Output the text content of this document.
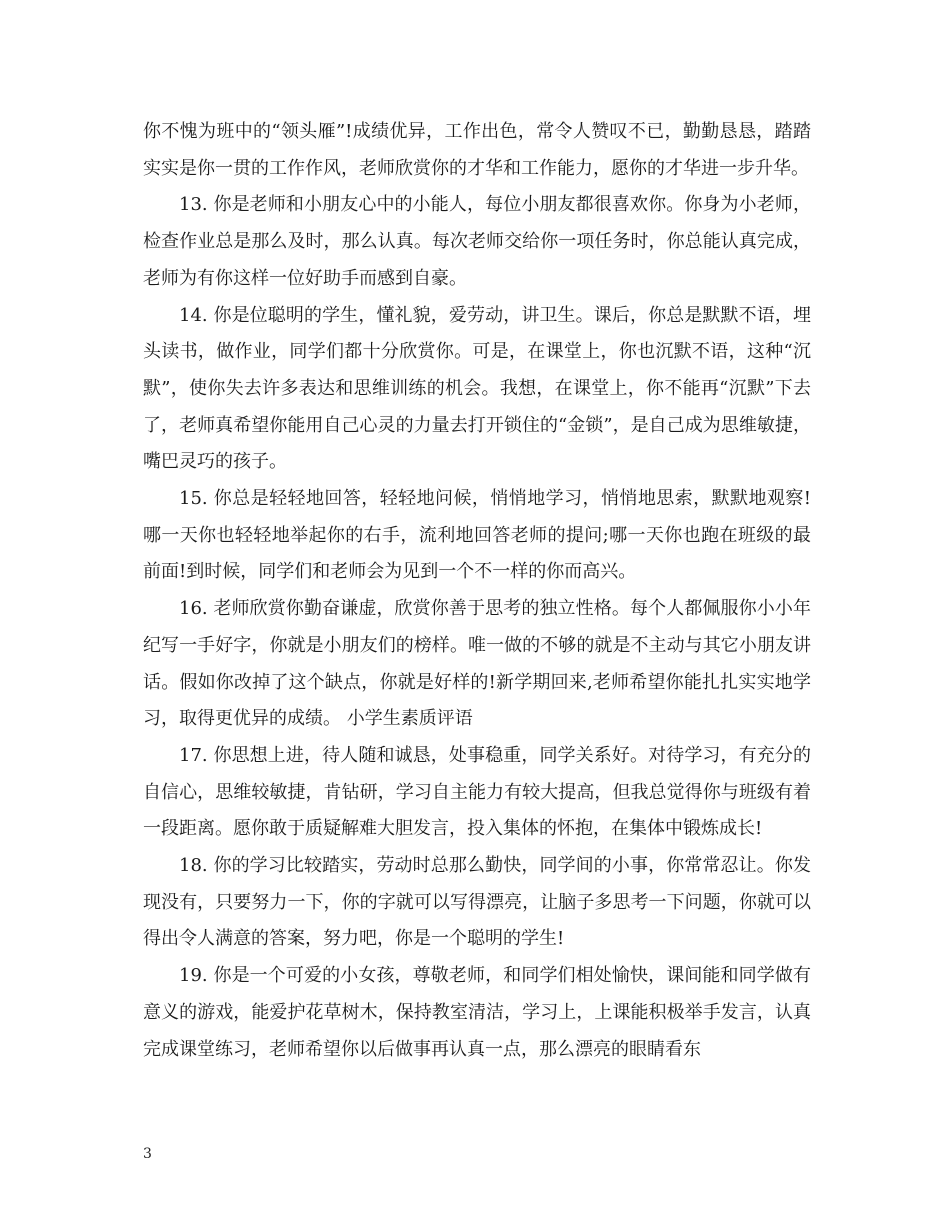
你不愧为班中的“领头雁”!成绩优异，工作出色，常令人赞叹不已，勤勤恳恳，踏踏实实是你一贯的工作作风，老师欣赏你的才华和工作能力，愿你的才华进一步升华。

13. 你是老师和小朋友心中的小能人，每位小朋友都很喜欢你。你身为小老师，检查作业总是那么及时，那么认真。每次老师交给你一项任务时，你总能认真完成，老师为有你这样一位好助手而感到自豪。

14. 你是位聪明的学生，懂礼貌，爱劳动，讲卫生。课后，你总是默默不语，埋头读书，做作业，同学们都十分欣赏你。可是，在课堂上，你也沉默不语，这种“沉默”，使你失去许多表达和思维训练的机会。我想，在课堂上，你不能再“沉默”下去了，老师真希望你能用自己心灵的力量去打开锁住的“金锁”，是自己成为思维敏捷，嘴巴灵巧的孩子。

15. 你总是轻轻地回答，轻轻地问候，悄悄地学习，悄悄地思索，默默地观察!哪一天你也轻轻地举起你的右手，流利地回答老师的提问;哪一天你也跑在班级的最前面!到时候，同学们和老师会为见到一个不一样的你而高兴。

16. 老师欣赏你勤奋谦虚，欣赏你善于思考的独立性格。每个人都佩服你小小年纪写一手好字，你就是小朋友们的榜样。唯一做的不够的就是不主动与其它小朋友讲话。假如你改掉了这个缺点，你就是好样的!新学期回来,老师希望你能扎扎实实地学习，取得更优异的成绩。 小学生素质评语

17. 你思想上进，待人随和诚恳，处事稳重，同学关系好。对待学习，有充分的自信心，思维较敏捷，肯钻研，学习自主能力有较大提高，但我总觉得你与班级有着一段距离。愿你敢于质疑解难大胆发言，投入集体的怀抱，在集体中锻炼成长!

18. 你的学习比较踏实，劳动时总那么勤快，同学间的小事，你常常忍让。你发现没有，只要努力一下，你的字就可以写得漂亮，让脑子多思考一下问题，你就可以得出令人满意的答案，努力吧，你是一个聪明的学生!

19. 你是一个可爱的小女孩，尊敬老师，和同学们相处愉快，课间能和同学做有意义的游戏，能爱护花草树木，保持教室清洁，学习上，上课能积极举手发言，认真完成课堂练习，老师希望你以后做事再认真一点，那么漂亮的眼睛看东

3
